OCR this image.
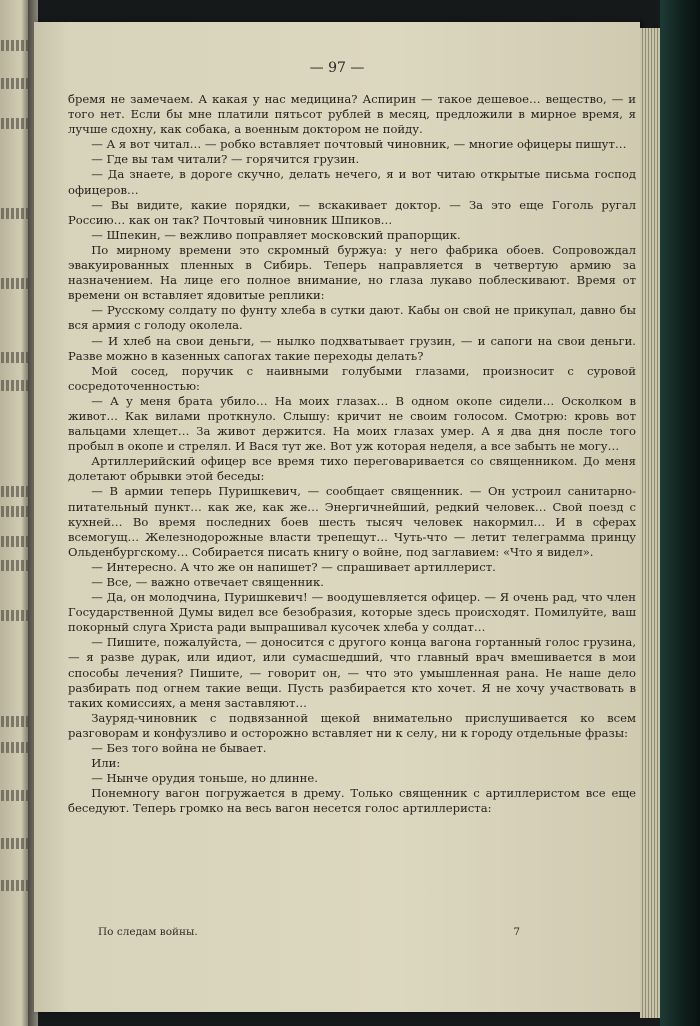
— 97 —

бремя не замечаем. А какая у нас медицина? Аспирин — такое дешевое… вещество, — и того нет. Если бы мне платили пятьсот рублей в месяц, предложили в мирное время, я лучше сдохну, как собака, а военным доктором не пойду.

— А я вот читал… — робко вставляет почтовый чиновник, — многие офицеры пишут…

— Где вы там читали? — горячится грузин.

— Да знаете, в дороге скучно, делать нечего, я и вот читаю открытые письма господ офицеров…

— Вы видите, какие порядки, — вскакивает доктор. — За это еще Гоголь ругал Россию… как он так? Почтовый чиновник Шпиков…

— Шпекин, — вежливо поправляет московский прапорщик.

По мирному времени это скромный буржуа: у него фабрика обоев. Сопровождал эвакуированных пленных в Сибирь. Теперь направляется в четвертую армию за назначением. На лице его полное внимание, но глаза лукаво поблескивают. Время от времени он вставляет ядовитые реплики:

— Русскому солдату по фунту хлеба в сутки дают. Кабы он свой не прикупал, давно бы вся армия с голоду околела.

— И хлеб на свои деньги, — нылко подхватывает грузин, — и сапоги на свои деньги. Разве можно в казенных сапогах такие переходы делать?

Мой сосед, поручик с наивными голубыми глазами, произносит с суровой сосредоточенностью:

— А у меня брата убило… На моих глазах… В одном окопе сидели… Осколком в живот… Как вилами проткнуло. Слышу: кричит не своим голосом. Смотрю: кровь вот вальцами хлещет… За живот держится. На моих глазах умер. А я два дня после того пробыл в окопе и стрелял. И Вася тут же. Вот уж которая неделя, а все забыть не могу…

Артиллерийский офицер все время тихо переговаривается со священником. До меня долетают обрывки этой беседы:

— В армии теперь Пуришкевич, — сообщает священник. — Он устроил санитарно-питательный пункт… как же, как же… Энергичнейший, редкий человек… Свой поезд с кухней… Во время последних боев шесть тысяч человек накормил… И в сферах всемогущ… Железнодорожные власти трепещут… Чуть-что — летит телеграмма принцу Ольденбургскому… Собирается писать книгу о войне, под заглавием: «Что я видел».

— Интересно. А что же он напишет? — спрашивает артиллерист.

— Все, — важно отвечает священник.

— Да, он молодчина, Пуришкевич! — воодушевляется офицер. — Я очень рад, что член Государственной Думы видел все безобразия, которые здесь происходят. Помилуйте, ваш покорный слуга Христа ради выпрашивал кусочек хлеба у солдат…

— Пишите, пожалуйста, — доносится с другого конца вагона гортанный голос грузина, — я разве дурак, или идиот, или сумасшедший, что главный врач вмешивается в мои способы лечения? Пишите, — говорит он, — что это умышленная рана. Не наше дело разбирать под огнем такие вещи. Пусть разбирается кто хочет. Я не хочу участвовать в таких комиссиях, а меня заставляют…

Зауряд-чиновник с подвязанной щекой внимательно прислушивается ко всем разговорам и конфузливо и осторожно вставляет ни к селу, ни к городу отдельные фразы:

— Без того война не бывает.

Или:

— Нынче орудия тоньше, но длинне.

Понемногу вагон погружается в дрему. Только священник с артиллеристом все еще беседуют. Теперь громко на весь вагон несется голос артиллериста:

По следам войны.	7
